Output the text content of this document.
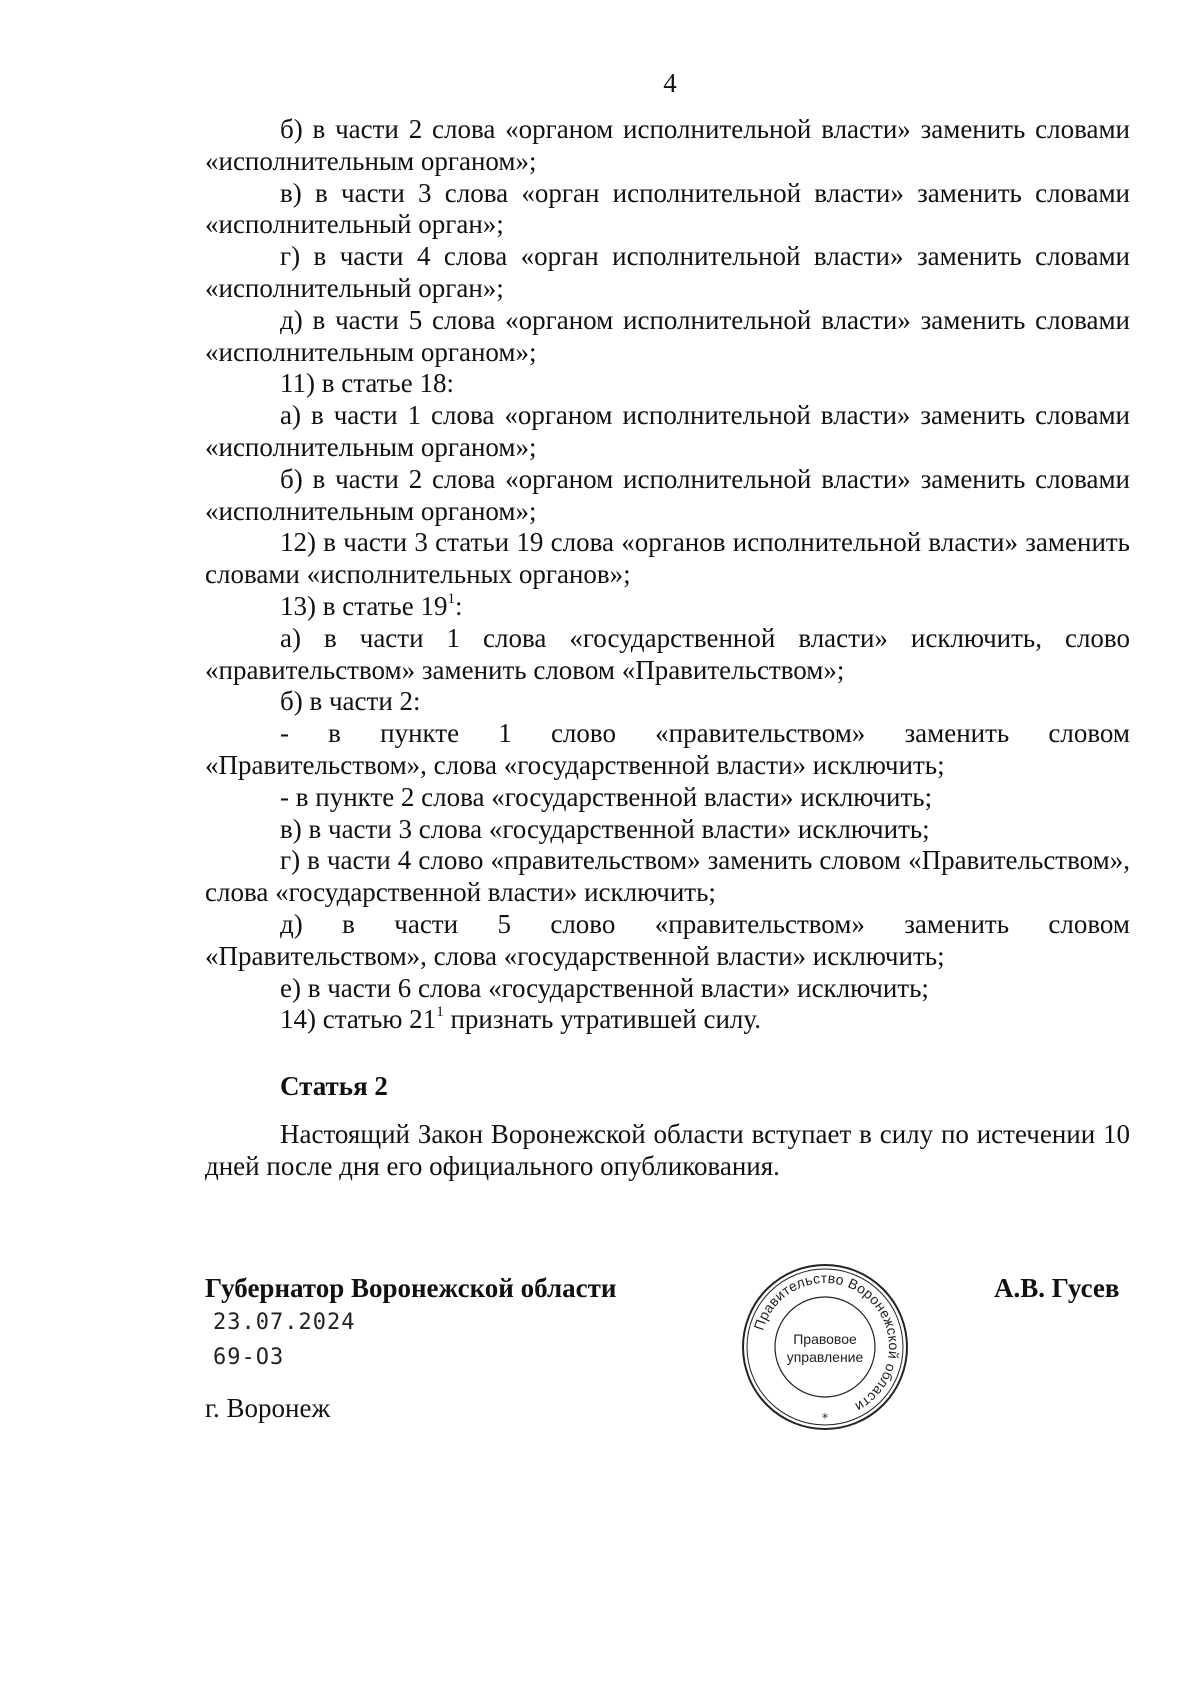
4

б) в части 2 слова «органом исполнительной власти» заменить словами «исполнительным органом»;

в) в части 3 слова «орган исполнительной власти» заменить словами «исполнительный орган»;

г) в части 4 слова «орган исполнительной власти» заменить словами «исполнительный орган»;

д) в части 5 слова «органом исполнительной власти» заменить словами «исполнительным органом»;

11) в статье 18:

а) в части 1 слова «органом исполнительной власти» заменить словами «исполнительным органом»;

б) в части 2 слова «органом исполнительной власти» заменить словами «исполнительным органом»;

12) в части 3 статьи 19 слова «органов исполнительной власти» заменить словами «исполнительных органов»;

13) в статье $19^1$:

а) в части 1 слова «государственной власти» исключить, слово «правительством» заменить словом «Правительством»;

б) в части 2:

- в пункте 1 слово «правительством» заменить словом «Правительством», слова «государственной власти» исключить;

- в пункте 2 слова «государственной власти» исключить;

в) в части 3 слова «государственной власти» исключить;

г) в части 4 слово «правительством» заменить словом «Правительством», слова «государственной власти» исключить;

д) в части 5 слово «правительством» заменить словом «Правительством», слова «государственной власти» исключить;

е) в части 6 слова «государственной власти» исключить;

14) статью $21^1$ признать утратившей силу.

Статья 2

Настоящий Закон Воронежской области вступает в силу по истечении 10 дней после дня его официального опубликования.

Губернатор Воронежской области	А.В. Гусев
23.07.2024
69-ОЗ
г. Воронеж
Правительство Воронежской области
Правовое
управление
*
